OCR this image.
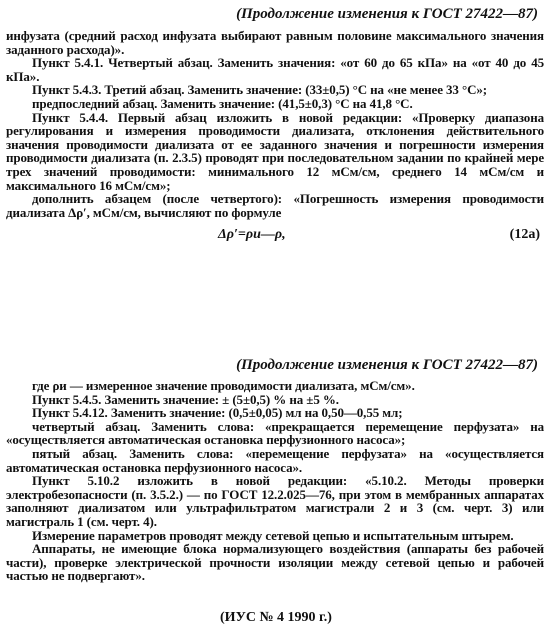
(Продолжение изменения к ГОСТ 27422—87)

инфузата (средний расход инфузата выбирают равным половине максимального значения заданного расхода)».

Пункт 5.4.1. Четвертый абзац. Заменить значения: «от 60 до 65 кПа» на «от 40 до 45 кПа».

Пункт 5.4.3. Третий абзац. Заменить значение: (33±0,5) °С на «не менее 33 °С»;

предпоследний абзац. Заменить значение: (41,5±0,3) °С на 41,8 °С.

Пункт 5.4.4. Первый абзац изложить в новой редакции: «Проверку диапазона регулирования и измерения проводимости диализата, отклонения действительного значения проводимости диализата от ее заданного значения и погрешности измерения проводимости диализата (п. 2.3.5) проводят при последовательном задании по крайней мере трех значений проводимости: минимального 12 мСм/см, среднего 14 мСм/см и максимального 16 мСм/см»;

дополнить абзацем (после четвертого): «Погрешность измерения проводимости диализата Δρ′, мСм/см, вычисляют по формуле

Δρ′=ρи—ρ,	(12а)
(Продолжение изменения к ГОСТ 27422—87)

где ρи — измеренное значение проводимости диализата, мСм/см».

Пункт 5.4.5. Заменить значение: ± (5±0,5) % на ±5 %.

Пункт 5.4.12. Заменить значение: (0,5±0,05) мл на 0,50—0,55 мл;

четвертый абзац. Заменить слова: «прекращается перемещение перфузата» на «осуществляется автоматическая остановка перфузионного насоса»;

пятый абзац. Заменить слова: «перемещение перфузата» на «осуществляется автоматическая остановка перфузионного насоса».

Пункт 5.10.2 изложить в новой редакции: «5.10.2. Методы проверки электробезопасности (п. 3.5.2.) — по ГОСТ 12.2.025—76, при этом в мембранных аппаратах заполняют диализатом или ультрафильтратом магистрали 2 и 3 (см. черт. 3) или магистраль 1 (см. черт. 4).

Измерение параметров проводят между сетевой цепью и испытательным штырем.

Аппараты, не имеющие блока нормализующего воздействия (аппараты без рабочей части), проверке электрической прочности изоляции между сетевой цепью и рабочей частью не подвергают».

(ИУС № 4 1990 г.)
